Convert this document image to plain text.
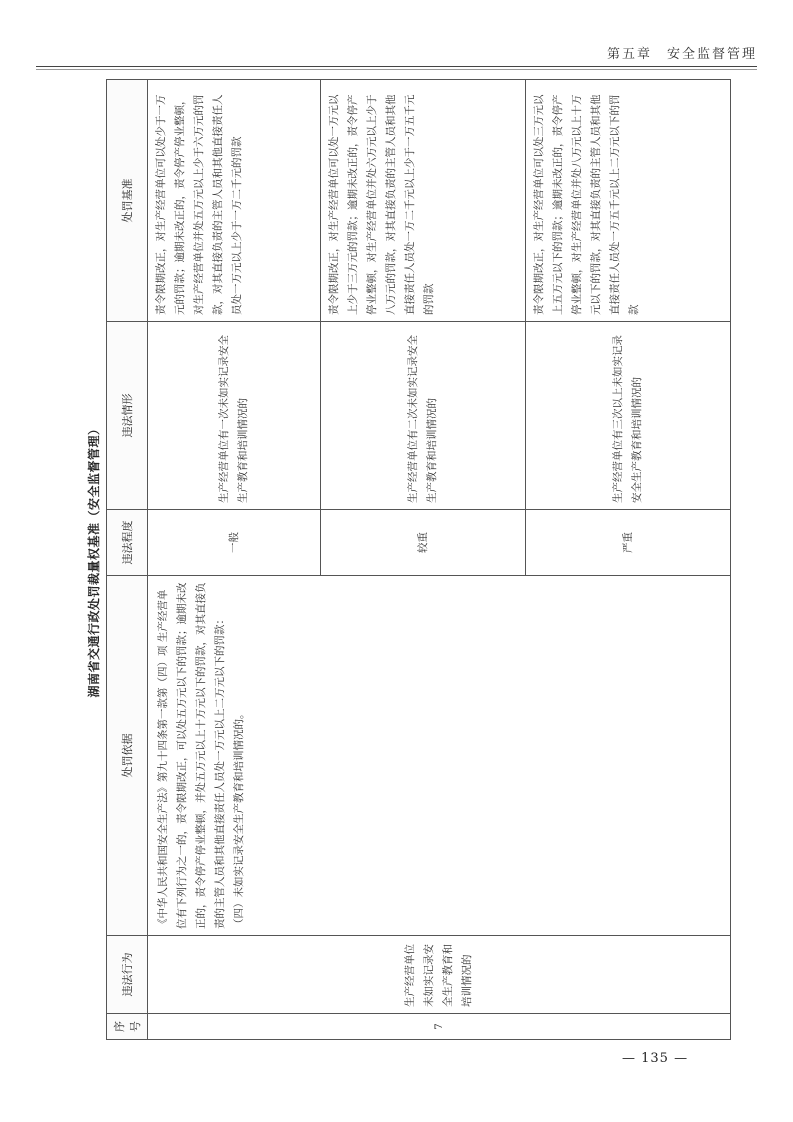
第五章　安全监督管理
湖南省交通行政处罚裁量权基准（安全监督管理）
序号	违法行为	处罚依据	违法程度	违法情形	处罚基准
7	生产经营单位未如实记录安全生产教育和培训情况的	《中华人民共和国安全生产法》第九十四条第一款第（四）项 生产经营单位有下列行为之一的，责令限期改正，可以处五万元以下的罚款；逾期未改正的，责令停产停业整顿，并处五万元以上十万元以下的罚款，对其直接负责的主管人员和其他直接责任人员处一万元以上二万元以下的罚款： （四）未如实记录安全生产教育和培训情况的。	一般	生产经营单位有一次未如实记录安全生产教育和培训情况的	责令限期改正，对生产经营单位可以处少于一万元的罚款；逾期未改正的，责令停产停业整顿，对生产经营单位并处五万元以上少于六万元的罚款，对其直接负责的主管人员和其他直接责任人员处一万元以上少于一万二千元的罚款
			较重	生产经营单位有二次未如实记录安全生产教育和培训情况的	责令限期改正，对生产经营单位可以处一万元以上少于三万元的罚款；逾期未改正的，责令停产停业整顿，对生产经营单位并处六万元以上少于八万元的罚款，对其直接负责的主管人员和其他直接责任人员处一万二千元以上少于一万五千元的罚款
			严重	生产经营单位有三次以上未如实记录安全生产教育和培训情况的	责令限期改正，对生产经营单位可以处三万元以上五万元以下的罚款；逾期未改正的，责令停产停业整顿，对生产经营单位并处八万元以上十万元以下的罚款，对其直接负责的主管人员和其他直接责任人员处一万五千元以上二万元以下的罚款
— 135 —
